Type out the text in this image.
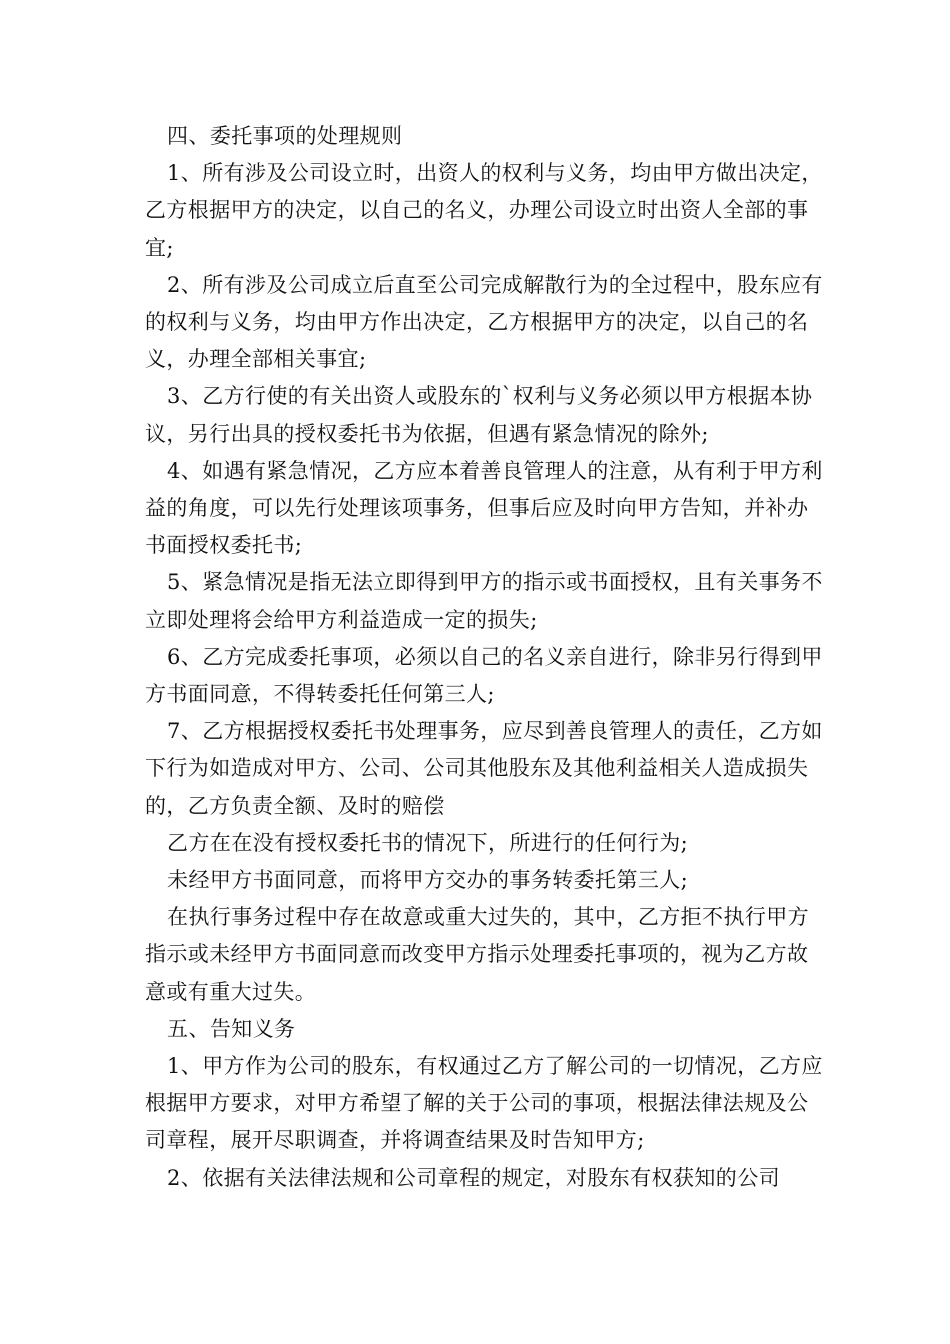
四、委托事项的处理规则

1、所有涉及公司设立时，出资人的权利与义务，均由甲方做出决定，乙方根据甲方的决定，以自己的名义，办理公司设立时出资人全部的事宜;

2、所有涉及公司成立后直至公司完成解散行为的全过程中，股东应有的权利与义务，均由甲方作出决定，乙方根据甲方的决定，以自己的名义，办理全部相关事宜;

3、乙方行使的有关出资人或股东的`权利与义务必须以甲方根据本协议，另行出具的授权委托书为依据，但遇有紧急情况的除外;

4、如遇有紧急情况，乙方应本着善良管理人的注意，从有利于甲方利益的角度，可以先行处理该项事务，但事后应及时向甲方告知，并补办书面授权委托书;

5、紧急情况是指无法立即得到甲方的指示或书面授权，且有关事务不立即处理将会给甲方利益造成一定的损失;

6、乙方完成委托事项，必须以自己的名义亲自进行，除非另行得到甲方书面同意，不得转委托任何第三人;

7、乙方根据授权委托书处理事务，应尽到善良管理人的责任，乙方如下行为如造成对甲方、公司、公司其他股东及其他利益相关人造成损失的，乙方负责全额、及时的赔偿

乙方在在没有授权委托书的情况下，所进行的任何行为;

未经甲方书面同意，而将甲方交办的事务转委托第三人;

在执行事务过程中存在故意或重大过失的，其中，乙方拒不执行甲方指示或未经甲方书面同意而改变甲方指示处理委托事项的，视为乙方故意或有重大过失。

五、告知义务

1、甲方作为公司的股东，有权通过乙方了解公司的一切情况，乙方应根据甲方要求，对甲方希望了解的关于公司的事项，根据法律法规及公司章程，展开尽职调查，并将调查结果及时告知甲方;

2、依据有关法律法规和公司章程的规定，对股东有权获知的公司
